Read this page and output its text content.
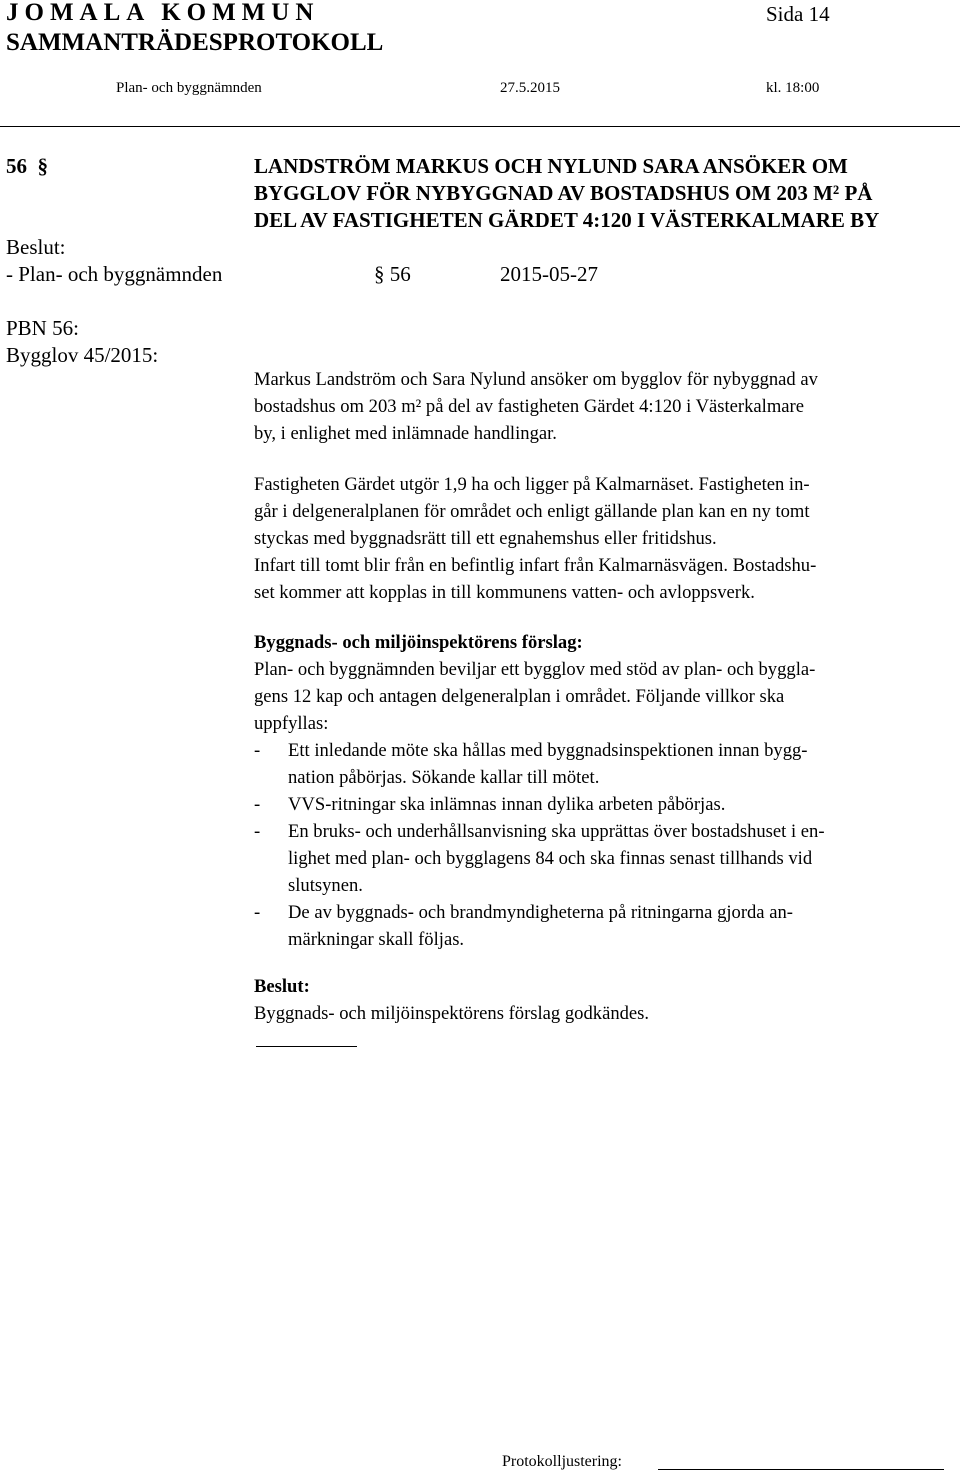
JOMALA KOMMUN	Sida 14
SAMMANTRÄDESPROTOKOLL
Plan- och byggnämnden	27.5.2015	kl. 18:00
56  §	LANDSTRÖM MARKUS OCH NYLUND SARA ANSÖKER OM
BYGGLOV FÖR NYBYGGNAD AV BOSTADSHUS OM 203 M² PÅ
DEL AV FASTIGHETEN GÄRDET 4:120 I VÄSTERKALMARE BY
Beslut:
- Plan- och byggnämnden	§ 56	2015-05-27
PBN 56:
Bygglov 45/2015:
Markus Landström och Sara Nylund ansöker om bygglov för nybyggnad av
bostadshus om 203 m² på del av fastigheten Gärdet 4:120 i Västerkalmare
by, i enlighet med inlämnade handlingar.
Fastigheten Gärdet utgör 1,9 ha och ligger på Kalmarnäset. Fastigheten in-
går i delgeneralplanen för området och enligt gällande plan kan en ny tomt
styckas med byggnadsrätt till ett egnahemshus eller fritidshus.
Infart till tomt blir från en befintlig infart från Kalmarnäsvägen. Bostadshu-
set kommer att kopplas in till kommunens vatten- och avloppsverk.
Byggnads- och miljöinspektörens förslag:
Plan- och byggnämnden beviljar ett bygglov med stöd av plan- och byggla-
gens 12 kap och antagen delgeneralplan i området. Följande villkor ska
uppfyllas:
- Ett inledande möte ska hållas med byggnadsinspektionen innan bygg-
nation påbörjas. Sökande kallar till mötet.
- VVS-ritningar ska inlämnas innan dylika arbeten påbörjas.
- En bruks- och underhållsanvisning ska upprättas över bostadshuset i en-
lighet med plan- och bygglagens 84 och ska finnas senast tillhands vid
slutsynen.
- De av byggnads- och brandmyndigheterna på ritningarna gjorda an-
märkningar skall följas.
Beslut:
Byggnads- och miljöinspektörens förslag godkändes.
Protokolljustering:
